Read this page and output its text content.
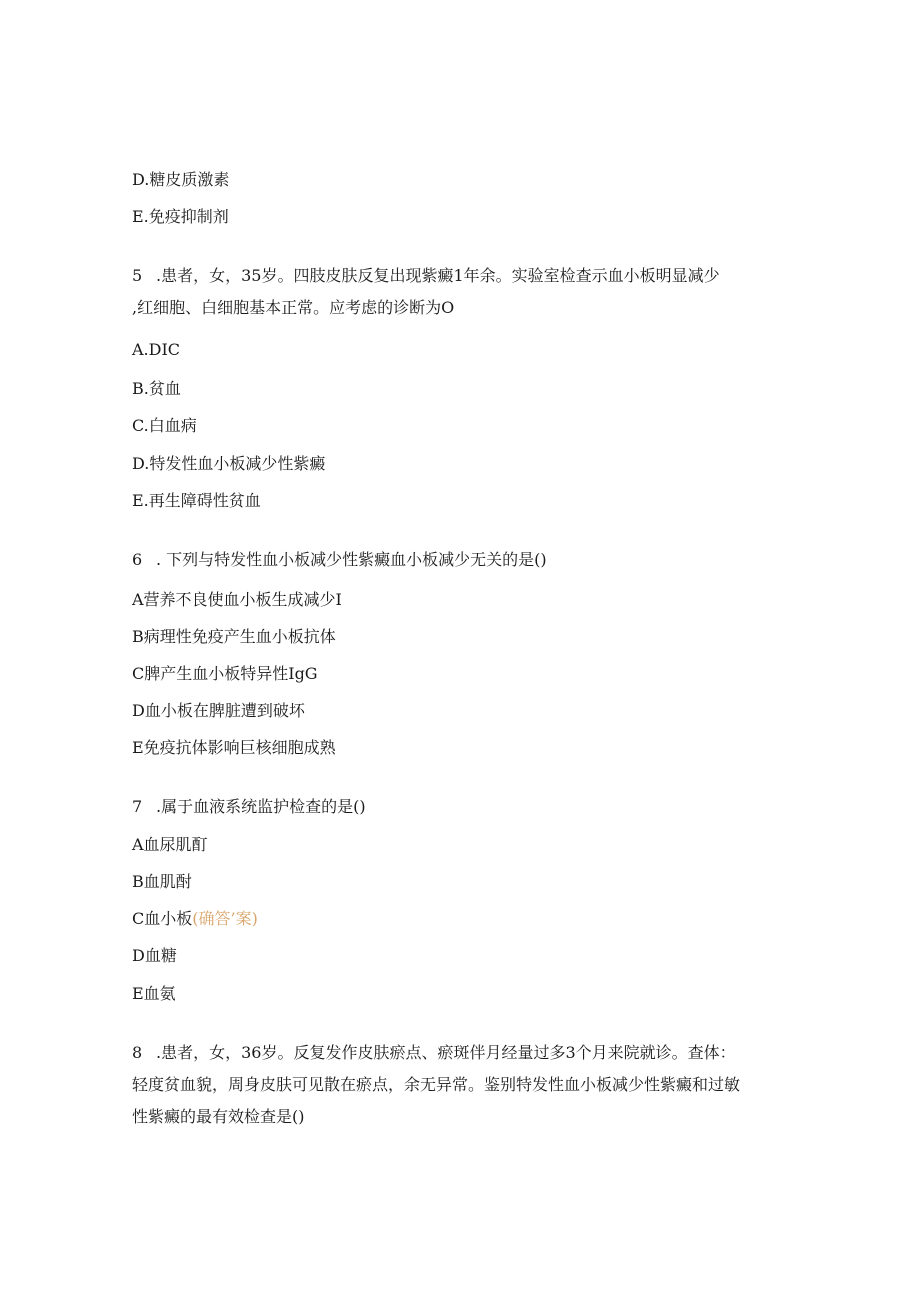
D.糖皮质激素
E.免疫抑制剂
5 .患者，女，35岁。四肢皮肤反复出现紫癜1年余。实验室检查示血小板明显减少
,红细胞、白细胞基本正常。应考虑的诊断为O
A.DIC
B.贫血
C.白血病
D.特发性血小板减少性紫癜
E.再生障碍性贫血
6 . 下列与特发性血小板减少性紫癜血小板减少无关的是()
A营养不良使血小板生成减少I
B病理性免疫产生血小板抗体
C脾产生血小板特异性IgG
D血小板在脾脏遭到破坏
E免疫抗体影响巨核细胞成熟
7 .属于血液系统监护检查的是()
A血尿肌酊
B血肌酎
C血小板(确答’案)
D血糖
E血氨
8 .患者，女，36岁。反复发作皮肤瘀点、瘀斑伴月经量过多3个月来院就诊。查体：
轻度贫血貌，周身皮肤可见散在瘀点，余无异常。鉴别特发性血小板减少性紫癜和过敏
性紫癜的最有效检查是()
